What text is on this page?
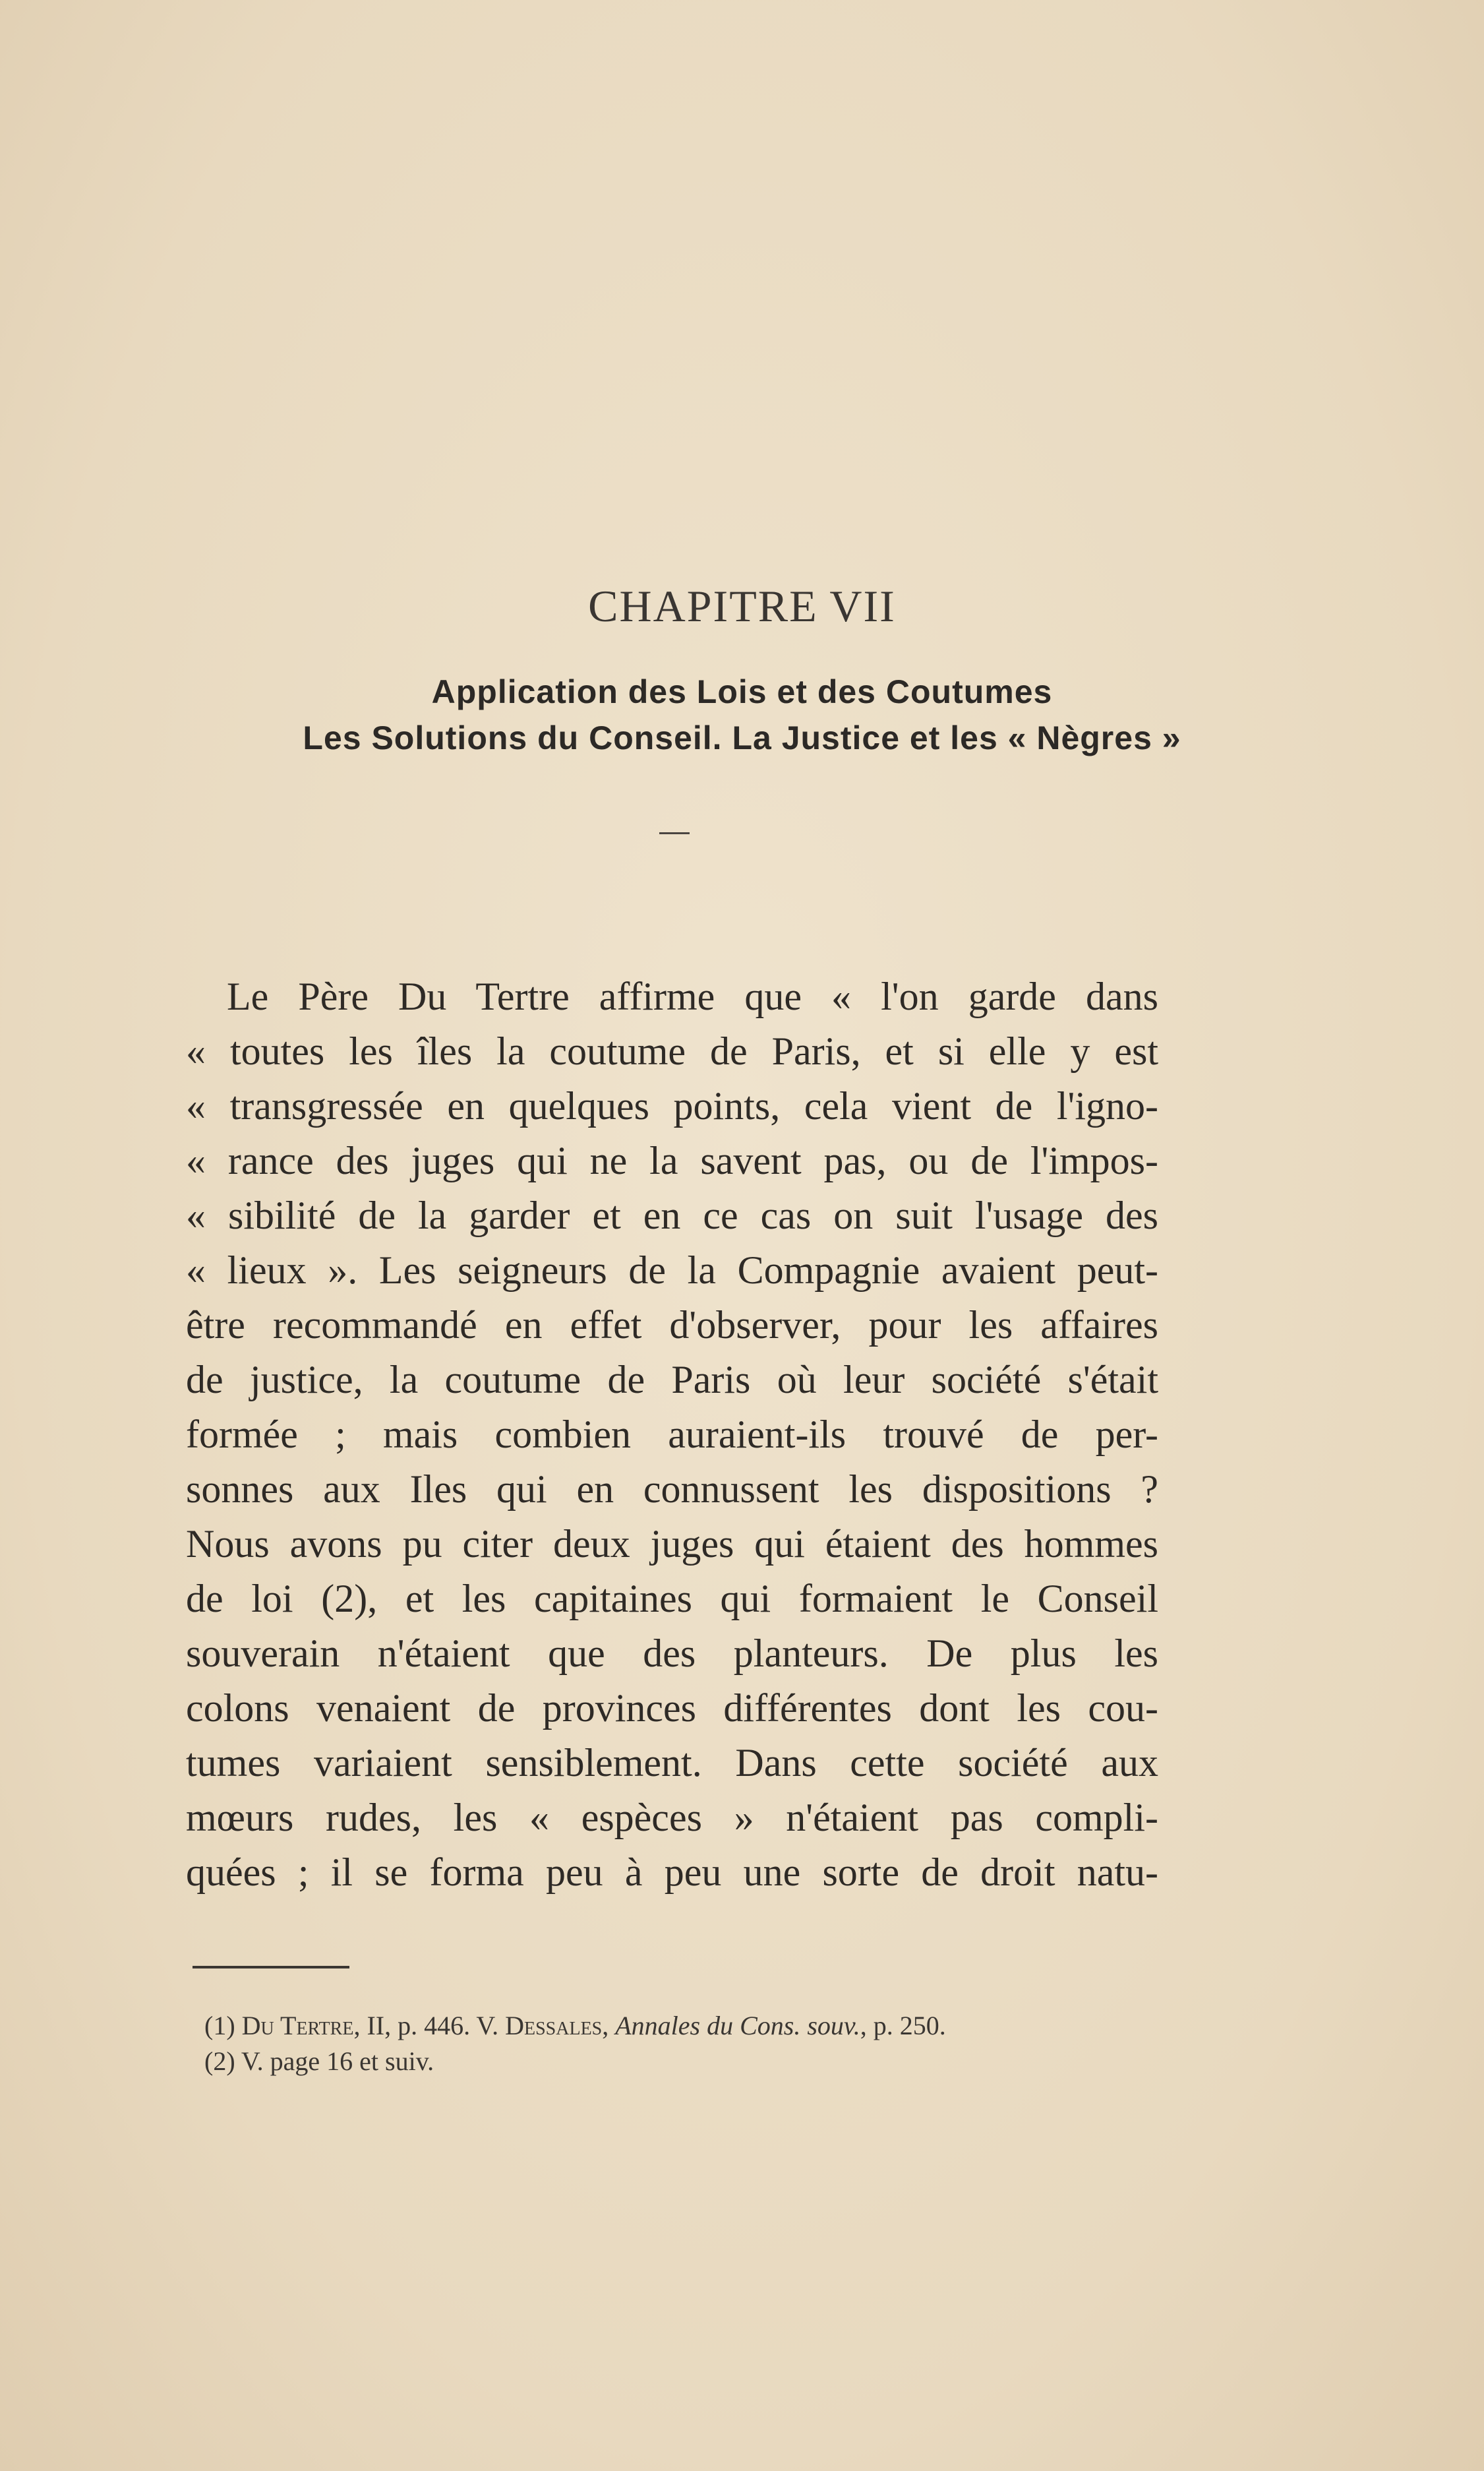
CHAPITRE VII
Application des Lois et des Coutumes
Les Solutions du Conseil. La Justice et les « Nègres »
Le Père Du Tertre affirme que « l'on garde dans
« toutes les îles la coutume de Paris, et si elle y est
« transgressée en quelques points, cela vient de l'igno-
« rance des juges qui ne la savent pas, ou de l'impos-
« sibilité de la garder et en ce cas on suit l'usage des
« lieux ». Les seigneurs de la Compagnie avaient peut-
être recommandé en effet d'observer, pour les affaires
de justice, la coutume de Paris où leur société s'était
formée ; mais combien auraient-ils trouvé de per-
sonnes aux Iles qui en connussent les dispositions ?
Nous avons pu citer deux juges qui étaient des hommes
de loi (2), et les capitaines qui formaient le Conseil
souverain n'étaient que des planteurs. De plus les
colons venaient de provinces différentes dont les cou-
tumes variaient sensiblement. Dans cette société aux
mœurs rudes, les « espèces » n'étaient pas compli-
quées ; il se forma peu à peu une sorte de droit natu-
(1) Du Tertre, II, p. 446. V. Dessales, Annales du Cons. souv., p. 250.
(2) V. page 16 et suiv.
